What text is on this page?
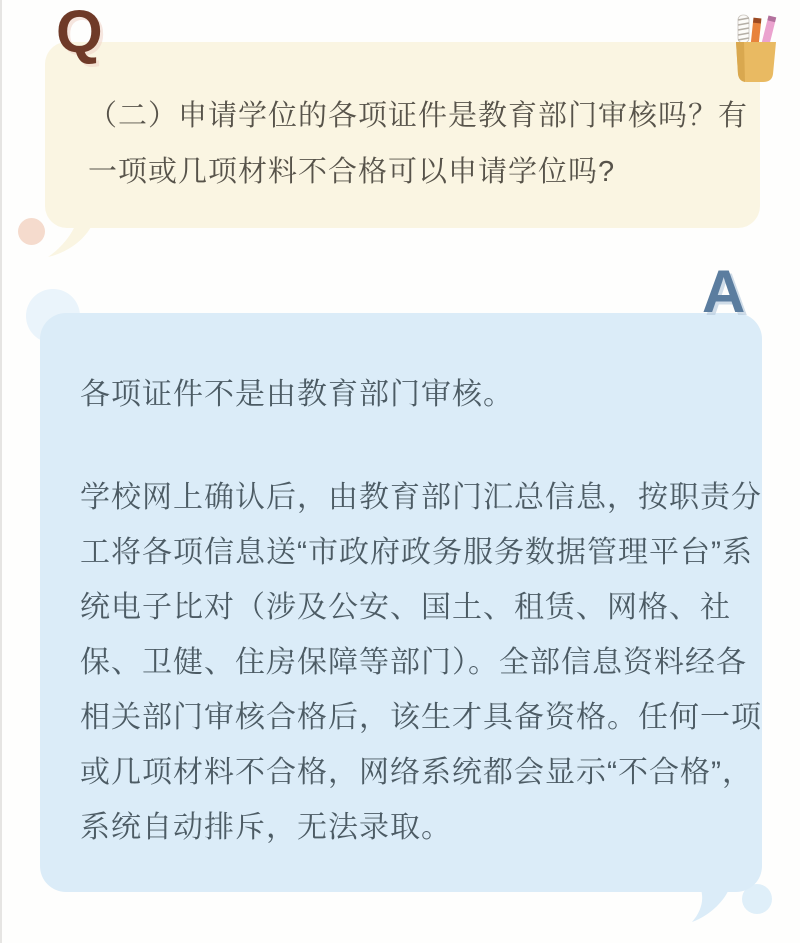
（二）申请学位的各项证件是教育部门审核吗？有

一项或几项材料不合格可以申请学位吗?

Q

各项证件不是由教育部门审核。

学校网上确认后，由教育部门汇总信息，按职责分

工将各项信息送“市政府政务服务数据管理平台”系

统电子比对（涉及公安、国土、租赁、网格、社

保、卫健、住房保障等部门）。全部信息资料经各

相关部门审核合格后，该生才具备资格。任何一项

或几项材料不合格，网络系统都会显示“不合格”，

系统自动排斥，无法录取。

A
